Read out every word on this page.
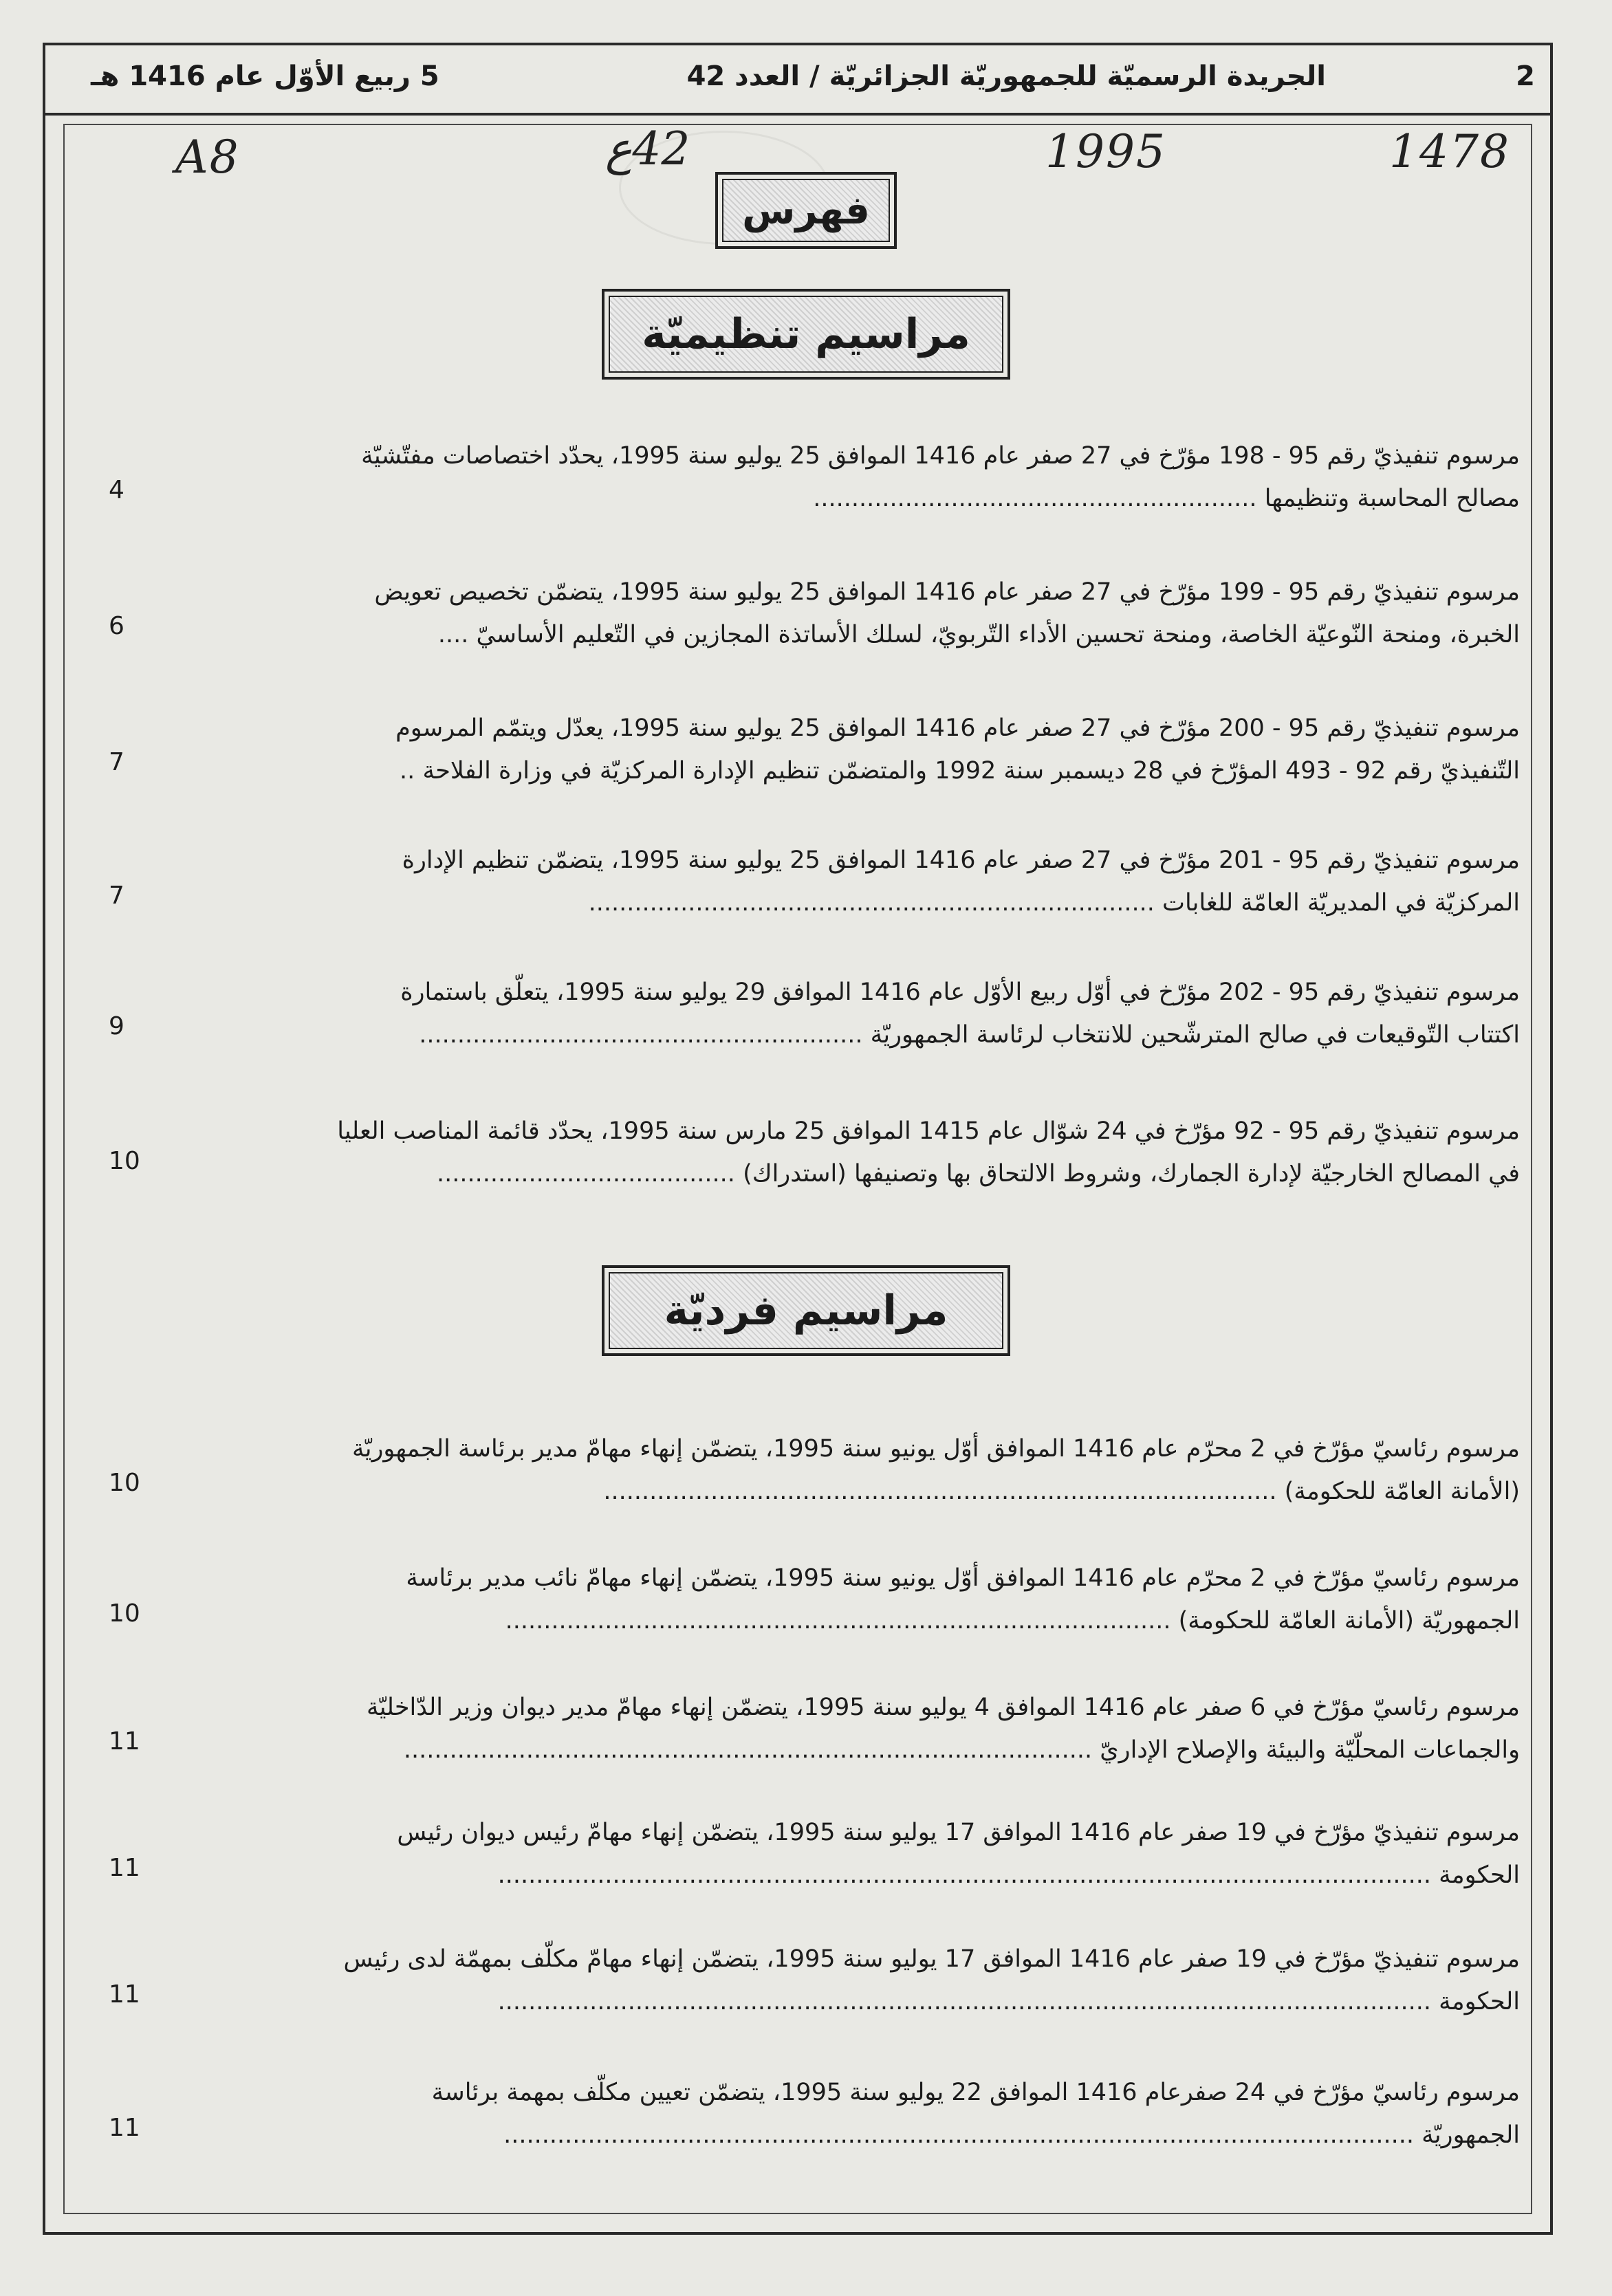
2
الجريدة الرسميّة للجمهوريّة الجزائريّة / العدد 42
5 ربيع الأوّل عام 1416 هـ
A8	42ع	1995	1478
فهرس
مراسيم تنظيميّة
مراسيم فرديّة
مرسوم تنفيذيّ رقم 95 - 198 مؤرّخ في 27 صفر عام 1416 الموافق 25 يوليو سنة 1995، يحدّد اختصاصات مفتّشيّة
مصالح المحاسبة وتنظيمها ..........................................................
4
مرسوم تنفيذيّ رقم 95 - 199 مؤرّخ في 27 صفر عام 1416 الموافق 25 يوليو سنة 1995، يتضمّن تخصيص تعويض
الخبرة، ومنحة النّوعيّة الخاصة، ومنحة تحسين الأداء التّربويّ، لسلك الأساتذة المجازين في التّعليم الأساسيّ ....
6
مرسوم تنفيذيّ رقم 95 - 200 مؤرّخ في 27 صفر عام 1416 الموافق 25 يوليو سنة 1995، يعدّل ويتمّم المرسوم
التّنفيذيّ رقم 92 - 493 المؤرّخ في 28 ديسمبر سنة 1992 والمتضمّن تنظيم الإدارة المركزيّة في وزارة الفلاحة ..
7
مرسوم تنفيذيّ رقم 95 - 201 مؤرّخ في 27 صفر عام 1416 الموافق 25 يوليو سنة 1995، يتضمّن تنظيم الإدارة
المركزيّة في المديريّة العامّة للغابات ..........................................................................
7
مرسوم تنفيذيّ رقم 95 - 202 مؤرّخ في أوّل ربيع الأوّل عام 1416 الموافق 29 يوليو سنة 1995، يتعلّق باستمارة
اكتتاب التّوقيعات في صالح المترشّحين للانتخاب لرئاسة الجمهوريّة ..........................................................
9
مرسوم تنفيذيّ رقم 95 - 92 مؤرّخ في 24 شوّال عام 1415 الموافق 25 مارس سنة 1995، يحدّد قائمة المناصب العليا
في المصالح الخارجيّة لإدارة الجمارك، وشروط الالتحاق بها وتصنيفها (استدراك) .......................................
10
مرسوم رئاسيّ مؤرّخ في 2 محرّم عام 1416 الموافق أوّل يونيو سنة 1995، يتضمّن إنهاء مهامّ مدير برئاسة الجمهوريّة
(الأمانة العامّة للحكومة) ........................................................................................
10
مرسوم رئاسيّ مؤرّخ في 2 محرّم عام 1416 الموافق أوّل يونيو سنة 1995، يتضمّن إنهاء مهامّ نائب مدير برئاسة
الجمهوريّة (الأمانة العامّة للحكومة) .......................................................................................
10
مرسوم رئاسيّ مؤرّخ في 6 صفر عام 1416 الموافق 4 يوليو سنة 1995، يتضمّن إنهاء مهامّ مدير ديوان وزير الدّاخليّة
والجماعات المحلّيّة والبيئة والإصلاح الإداريّ ..........................................................................................
11
مرسوم تنفيذيّ مؤرّخ في 19 صفر عام 1416 الموافق 17 يوليو سنة 1995، يتضمّن إنهاء مهامّ رئيس ديوان رئيس
الحكومة ..........................................................................................................................
11
مرسوم تنفيذيّ مؤرّخ في 19 صفر عام 1416 الموافق 17 يوليو سنة 1995، يتضمّن إنهاء مهامّ مكلّف بمهمّة لدى رئيس
الحكومة ..........................................................................................................................
11
مرسوم رئاسيّ مؤرّخ في 24 صفرعام 1416 الموافق 22 يوليو سنة 1995، يتضمّن تعيين مكلّف بمهمة برئاسة
الجمهوريّة .......................................................................................................................
11
